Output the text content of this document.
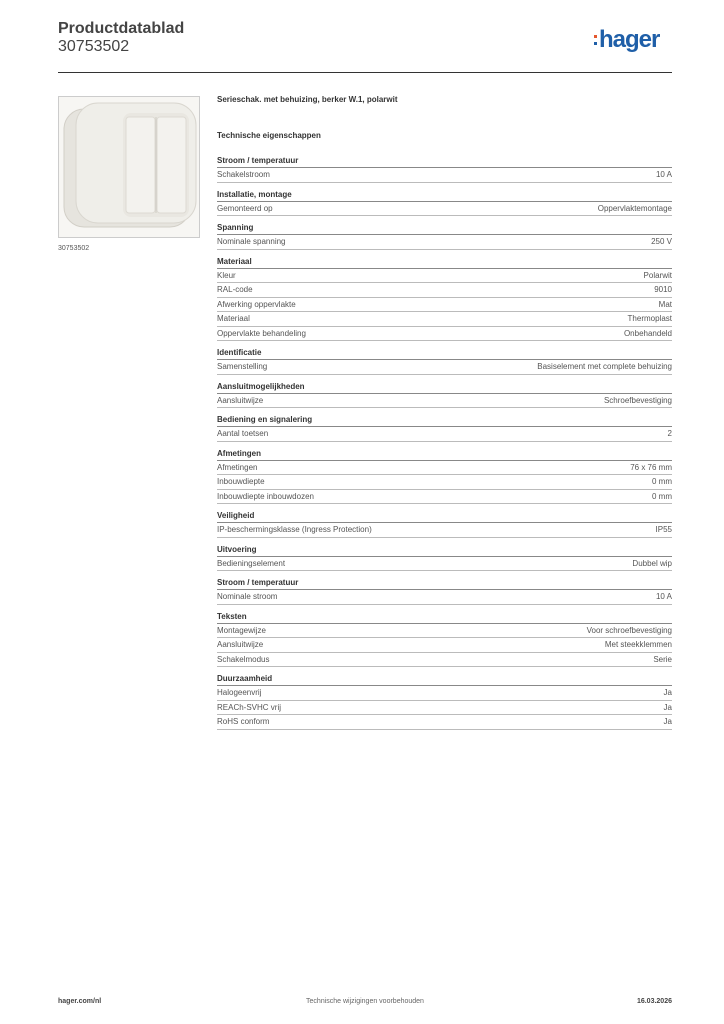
Productdatablad
30753502	hager
30753502
Serieschak. met behuizing, berker W.1, polarwit
Technische eigenschappen
Stroom / temperatuur
Schakelstroom	10 A
Installatie, montage
Gemonteerd op	Oppervlaktemontage
Spanning
Nominale spanning	250 V
Materiaal
Kleur	Polarwit
RAL-code	9010
Afwerking oppervlakte	Mat
Materiaal	Thermoplast
Oppervlakte behandeling	Onbehandeld
Identificatie
Samenstelling	Basiselement met complete behuizing
Aansluitmogelijkheden
Aansluitwijze	Schroefbevestiging
Bediening en signalering
Aantal toetsen	2
Afmetingen
Afmetingen	76 x 76 mm
Inbouwdiepte	0 mm
Inbouwdiepte inbouwdozen	0 mm
Veiligheid
IP-beschermingsklasse (Ingress Protection)	IP55
Uitvoering
Bedieningselement	Dubbel wip
Stroom / temperatuur
Nominale stroom	10 A
Teksten
Montagewijze	Voor schroefbevestiging
Aansluitwijze	Met steekklemmen
Schakelmodus	Serie
Duurzaamheid
Halogeenvrij	Ja
REACh-SVHC vrij	Ja
RoHS conform	Ja
hager.com/nl	Technische wijzigingen voorbehouden	16.03.2026
